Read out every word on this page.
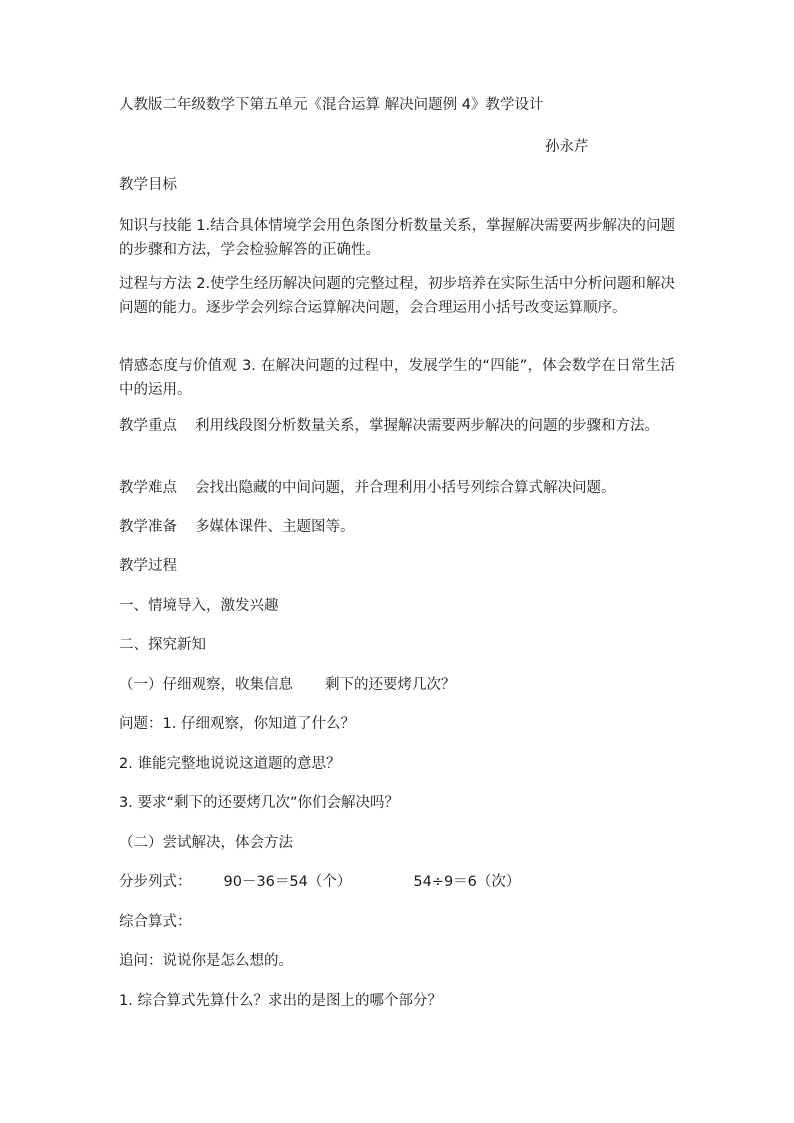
人教版二年级数学下第五单元《混合运算 解决问题例 4》教学设计
孙永芹
教学目标
知识与技能 1.结合具体情境学会用色条图分析数量关系，掌握解决需要两步解决的问题的步骤和方法，学会检验解答的正确性。
过程与方法 2.使学生经历解决问题的完整过程，初步培养在实际生活中分析问题和解决问题的能力。逐步学会列综合运算解决问题，会合理运用小括号改变运算顺序。
情感态度与价值观 3. 在解决问题的过程中，发展学生的“四能”，体会数学在日常生活中的运用。
教学重点 利用线段图分析数量关系，掌握解决需要两步解决的问题的步骤和方法。
教学难点 会找出隐藏的中间问题，并合理利用小括号列综合算式解决问题。
教学准备 多媒体课件、主题图等。
教学过程
一、情境导入，激发兴趣
二、探究新知
（一）仔细观察，收集信息 剩下的还要烤几次？
问题：1. 仔细观察，你知道了什么？
2. 谁能完整地说说这道题的意思？
3. 要求“剩下的还要烤几次”你们会解决吗？
（二）尝试解决，体会方法
分步列式： 90－36＝54（个）	54÷9＝6（次）
综合算式：
追问：说说你是怎么想的。
1. 综合算式先算什么？求出的是图上的哪个部分？
